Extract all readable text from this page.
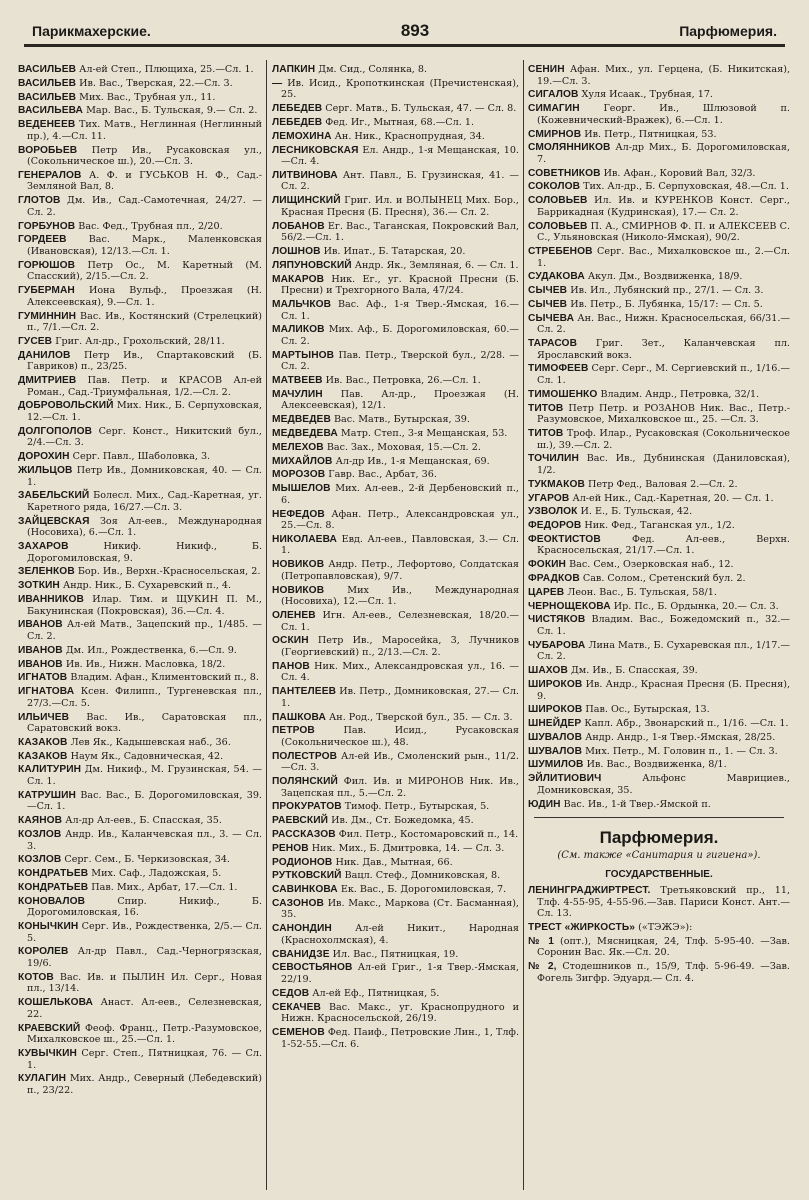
Парикмахерские.	893	Парфюмерия.

ВАСИЛЬЕВ Ал-ей Степ., Плющиха, 25.—Сл. 1.

ВАСИЛЬЕВ Ив. Вас., Тверская, 22.—Сл. 3.

ВАСИЛЬЕВ Мих. Вас., Трубная ул., 11.

ВАСИЛЬЕВА Мар. Вас., Б. Тульская, 9.— Сл. 2.

ВЕДЕНЕЕВ Тих. Матв., Неглинная (Неглинный пр.), 4.—Сл. 11.

ВОРОБЬЕВ Петр Ив., Русаковская ул., (Сокольническое ш.), 20.—Сл. 3.

ГЕНЕРАЛОВ А. Ф. и ГУСЬКОВ Н. Ф., Сад.-Земляной Вал, 8.

ГЛОТОВ Дм. Ив., Сад.-Самотечная, 24/27. — Сл. 2.

ГОРБУНОВ Вас. Фед., Трубная пл., 2/20.

ГОРДЕЕВ Вас. Марк., Маленковская (Ивановская), 12/13.—Сл. 1.

ГОРЮШОВ Петр Ос., М. Каретный (М. Спасский), 2/15.—Сл. 2.

ГУБЕРМАН Иона Вульф., Проезжая (Н. Алексеевская), 9.—Сл. 1.

ГУМИННИН Вас. Ив., Костянский (Стрелецкий) п., 7/1.—Сл. 2.

ГУСЕВ Григ. Ал-др., Грохольский, 28/11.

ДАНИЛОВ Петр Ив., Спартаковский (Б. Гавриков) п., 23/25.

ДМИТРИЕВ Пав. Петр. и КРАСОВ Ал-ей Роман., Сад.-Триумфальная, 1/2.—Сл. 2.

ДОБРОВОЛЬСКИЙ Мих. Ник., Б. Серпуховская, 12.—Сл. 1.

ДОЛГОПОЛОВ Серг. Конст., Никитский бул., 2/4.—Сл. 3.

ДОРОХИН Серг. Павл., Шаболовка, 3.

ЖИЛЬЦОВ Петр Ив., Домниковская, 40. — Сл. 1.

ЗАБЕЛЬСКИЙ Болесл. Мих., Сад.-Каретная, уг. Каретного ряда, 16/27.—Сл. 3.

ЗАЙЦЕВСКАЯ Зоя Ал-еев., Международная (Носовиха), 6.—Сл. 1.

ЗАХАРОВ	Никиф. Никиф., Б. Дорогомиловская, 9.

ЗЕЛЕНКОВ Бор. Ив., Верхн.-Красносельская, 2.

ЗОТКИН Андр. Ник., Б. Сухаревский п., 4.

ИВАННИКОВ Илар. Тим. и ЩУКИН П. М., Бакунинская (Покровская), 36.—Сл. 4.

ИВАНОВ Ал-ей Матв., Зацепский пр., 1/485. —Сл. 2.

ИВАНОВ Дм. Ил., Рождественка, 6.—Сл. 9.

ИВАНОВ Ив. Ив., Нижн. Масловка, 18/2.

ИГНАТОВ Владим. Афан., Климентовский п., 8.

ИГНАТОВА Ксен. Филипп., Тургеневская пл., 27/3.—Сл. 5.

ИЛЬИЧЕВ Вас. Ив., Саратовская пл., Саратовский вокз.

КАЗАКОВ Лев Як., Кадышевская наб., 36.

КАЗАКОВ Наум Як., Садовническая, 42.

КАЛИТУРИН Дм. Никиф., М. Грузинская, 54. —Сл. 1.

КАТРУШИН Вас. Вас., Б. Дорогомиловская, 39.—Сл. 1.

КАЯНОВ Ал-др Ал-еев., Б. Спасская, 35.

КОЗЛОВ Андр. Ив., Каланчевская пл., 3. — Сл. 3.

КОЗЛОВ Серг. Сем., Б. Черкизовская, 34.

КОНДРАТЬЕВ Мих. Саф., Ладожская, 5.

КОНДРАТЬЕВ Пав. Мих., Арбат, 17.—Сл. 1.

КОНОВАЛОВ	Спир. Никиф., Б. Дорогомиловская, 16.

КОНЫЧКИН Серг. Ив., Рождественка, 2/5.— Сл. 5.

КОРОЛЕВ Ал-др Павл., Сад.-Черногрязская, 19/6.

КОТОВ Вас. Ив. и ПЫЛИН Ил. Серг., Новая пл., 13/14.

КОШЕЛЬКОВА Анаст. Ал-еев., Селезневская, 22.

КРАЕВСКИЙ Феоф. Франц., Петр.-Разумовское, Михалковское ш., 25.—Сл. 1.

КУВЫЧКИН Серг. Степ., Пятницкая, 76. — Сл. 1.

КУЛАГИН Мих. Андр., Северный (Лебедевский) п., 23/22.

ЛАПКИН Дм. Сид., Солянка, 8.

— Ив. Исид., Кропоткинская (Пречистенская), 25.

ЛЕБЕДЕВ Серг. Матв., Б. Тульская, 47. — Сл. 8.

ЛЕБЕДЕВ Фед. Иг., Мытная, 68.—Сл. 1.

ЛЕМОХИНА Ан. Ник., Краснопрудная, 34.

ЛЕСНИКОВСКАЯ Ел. Андр., 1-я Мещанская, 10.—Сл. 4.

ЛИТВИНОВА Ант. Павл., Б. Грузинская, 41. —Сл. 2.

ЛИЩИНСКИЙ Григ. Ил. и ВОЛЫНЕЦ Мих. Бор., Красная Пресня (Б. Пресня), 36.— Сл. 2.

ЛОБАНОВ Ег. Вас., Таганская, Покровский Вал, 56/2.—Сл. 1.

ЛОШНОВ Ив. Ипат., Б. Татарская, 20.

ЛЯПУНОВСКИЙ Андр. Як., Земляная, 6. — Сл. 1.

МАКАРОВ Ник. Ег., уг. Красной Пресни (Б. Пресни) и Трехгорного Вала, 47/24.

МАЛЬЧКОВ Вас. Аф., 1-я Твер.-Ямская, 16.— Сл. 1.

МАЛИКОВ Мих. Аф., Б. Дорогомиловская, 60.—Сл. 2.

МАРТЫНОВ Пав. Петр., Тверской бул., 2/28. —Сл. 2.

МАТВЕЕВ Ив. Вас., Петровка, 26.—Сл. 1.

МАЧУЛИН Пав. Ал-др., Проезжая (Н. Алексеевская), 12/1.

МЕДВЕДЕВ Вас. Матв., Бутырская, 39.

МЕДВЕДЕВА Матр. Степ., 3-я Мещанская, 53.

МЕЛЕХОВ Вас. Зах., Моховая, 15.—Сл. 2.

МИХАЙЛОВ Ал-др Ив., 1-я Мещанская, 69.

МОРОЗОВ Гавр. Вас., Арбат, 36.

МЫШЕЛОВ Мих. Ал-еев., 2-й Дербеновский п., 6.

НЕФЕДОВ Афан. Петр., Александровская ул., 25.—Сл. 8.

НИКОЛАЕВА Евд. Ал-еев., Павловская, 3.— Сл. 1.

НОВИКОВ Андр. Петр., Лефортово, Солдатская (Петропавловская), 9/7.

НОВИКОВ Мих Ив., Международная (Носовиха), 12.—Сл. 1.

ОЛЕНЕВ Игн. Ал-еев., Селезневская, 18/20.— Сл. 1.

ОСКИН Петр Ив., Маросейка, 3, Лучников (Георгиевский) п., 2/13.—Сл. 2.

ПАНОВ Ник. Мих., Александровская ул., 16. —Сл. 4.

ПАНТЕЛЕЕВ Ив. Петр., Домниковская, 27.— Сл. 1.

ПАШКОВА Ан. Род., Тверской бул., 35. — Сл. 3.

ПЕТРОВ	Пав. Исид., Русаковская (Сокольническое ш.), 48.

ПОЛЕСТРОВ Ал-ей Ив., Смоленский рын., 11/2.—Сл. 3.

ПОЛЯНСКИЙ Фил. Ив. и МИРОНОВ Ник. Ив., Зацепская пл., 5.—Сл. 2.

ПРОКУРАТОВ Тимоф. Петр., Бутырская, 5.

РАЕВСКИЙ Ив. Дм., Ст. Божедомка, 45.

РАССКАЗОВ Фил. Петр., Костомаровский п., 14.

РЕНОВ Ник. Мих., Б. Дмитровка, 14. — Сл. 3.

РОДИОНОВ Ник. Дав., Мытная, 66.

РУТКОВСКИЙ Вацл. Стеф., Домниковская, 8.

САВИНКОВА Ек. Вас., Б. Дорогомиловская, 7.

САЗОНОВ Ив. Макс., Маркова (Ст. Басманная), 35.

САНОНДИН Ал-ей Никит., Народная (Краснохолмская), 4.

СВАНИДЗЕ Ил. Вас., Пятницкая, 19.

СЕВОСТЬЯНОВ Ал-ей Григ., 1-я Твер.-Ямская, 22/19.

СЕДОВ Ал-ей Еф., Пятницкая, 5.

СЕКАЧЕВ Вас. Макс., уг. Краснопрудного и Нижн. Красносельской, 26/19.

СЕМЕНОВ Фед. Паиф., Петровские Лин., 1, Тлф. 1-52-55.—Сл. 6.

СЕНИН Афан. Мих., ул. Герцена, (Б. Никитская), 19.—Сл. 3.

СИГАЛОВ Хуля Исаак., Трубная, 17.

СИМАГИН Георг. Ив., Шлюзовой п. (Кожевнический-Вражек), 6.—Сл. 1.

СМИРНОВ Ив. Петр., Пятницкая, 53.

СМОЛЯННИКОВ Ал-др Мих., Б. Дорогомиловская, 7.

СОВЕТНИКОВ Ив. Афан., Коровий Вал, 32/3.

СОКОЛОВ Тих. Ал-др., Б. Серпуховская, 48.—Сл. 1.

СОЛОВЬЕВ Ил. Ив. и КУРЕНКОВ Конст. Серг., Баррикадная (Кудринская), 17.— Сл. 2.

СОЛОВЬЕВ П. А., СМИРНОВ Ф. П. и АЛЕКСЕЕВ С. С., Ульяновская (Николо-Ямская), 90/2.

СТРЕБЕНОВ Серг. Вас., Михалковское ш., 2.—Сл. 1.

СУДАКОВА Акул. Дм., Воздвиженка, 18/9.

СЫЧЕВ Ив. Ил., Лубянский пр., 27/1. — Сл. 3.

СЫЧЕВ Ив. Петр., Б. Лубянка, 15/17: — Сл. 5.

СЫЧЕВА Ан. Вас., Нижн. Красносельская, 66/31.—Сл. 2.

ТАРАСОВ Григ. Зет., Каланчевская пл. Ярославский вокз.

ТИМОФЕЕВ Серг. Серг., М. Сергиевский п., 1/16.—Сл. 1.

ТИМОШЕНКО Владим. Андр., Петровка, 32/1.

ТИТОВ Петр Петр. и РОЗАНОВ Ник. Вас., Петр.-Разумовское, Михалковское ш., 25. —Сл. 3.

ТИТОВ Троф. Илар., Русаковская (Сокольническое ш.), 39.—Сл. 2.

ТОЧИЛИН Вас. Ив., Дубнинская (Даниловская), 1/2.

ТУКМАКОВ Петр Фед., Валовая 2.—Сл. 2.

УГАРОВ Ал-ей Ник., Сад.-Каретная, 20. — Сл. 1.

УЗВОЛОК И. Е., Б. Тульская, 42.

ФЕДОРОВ Ник. Фед., Таганская ул., 1/2.

ФЕОКТИСТОВ	Фед. Ал-еев., Верхн. Красносельская, 21/17.—Сл. 1.

ФОКИН Вас. Сем., Озерковская наб., 12.

ФРАДКОВ Сав. Солом., Сретенский бул. 2.

ЦАРЕВ Леон. Вас., Б. Тульская, 58/1.

ЧЕРНОЩЕКОВА Ир. Пс., Б. Ордынка, 20.— Сл. 3.

ЧИСТЯКОВ Владим. Вас., Божедомский п., 32.—Сл. 1.

ЧУБАРОВА Лина Матв., Б. Сухаревская пл., 1/17.—Сл. 2.

ШАХОВ Дм. Ив., Б. Спасская, 39.

ШИРОКОВ Ив. Андр., Красная Пресня (Б. Пресня), 9.

ШИРОКОВ Пав. Ос., Бутырская, 13.

ШНЕЙДЕР Капл. Абр., Звонарский п., 1/16. —Сл. 1.

ШУВАЛОВ Андр. Андр., 1-я Твер.-Ямская, 28/25.

ШУВАЛОВ Мих. Петр., М. Головин п., 1. — Сл. 3.

ШУМИЛОВ Ив. Вас., Воздвиженка, 8/1.

ЭЙЛИТИОВИЧ	Альфонс Маврициев., Домниковская, 35.

ЮДИН Вас. Ив., 1-й Твер.-Ямской п.

Парфюмерия.
(См. также «Санитария и гигиена»).
ГОСУДАРСТВЕННЫЕ.

ЛЕНИНГРАДЖИРТРЕСТ. Третьяковский пр., 11, Тлф. 4-55-95, 4-55-96.—Зав. Париси Конст. Ант.—Сл. 13.

ТРЕСТ «ЖИРКОСТЬ» («ТЭЖЭ»):

№ 1 (опт.), Мясницкая, 24, Тлф. 5-95-40. —Зав. Соронин Вас. Як.—Сл. 20.

№ 2, Стодешников п., 15/9, Тлф. 5-96-49. —Зав. Фогель Зигфр. Эдуард.— Сл. 4.
